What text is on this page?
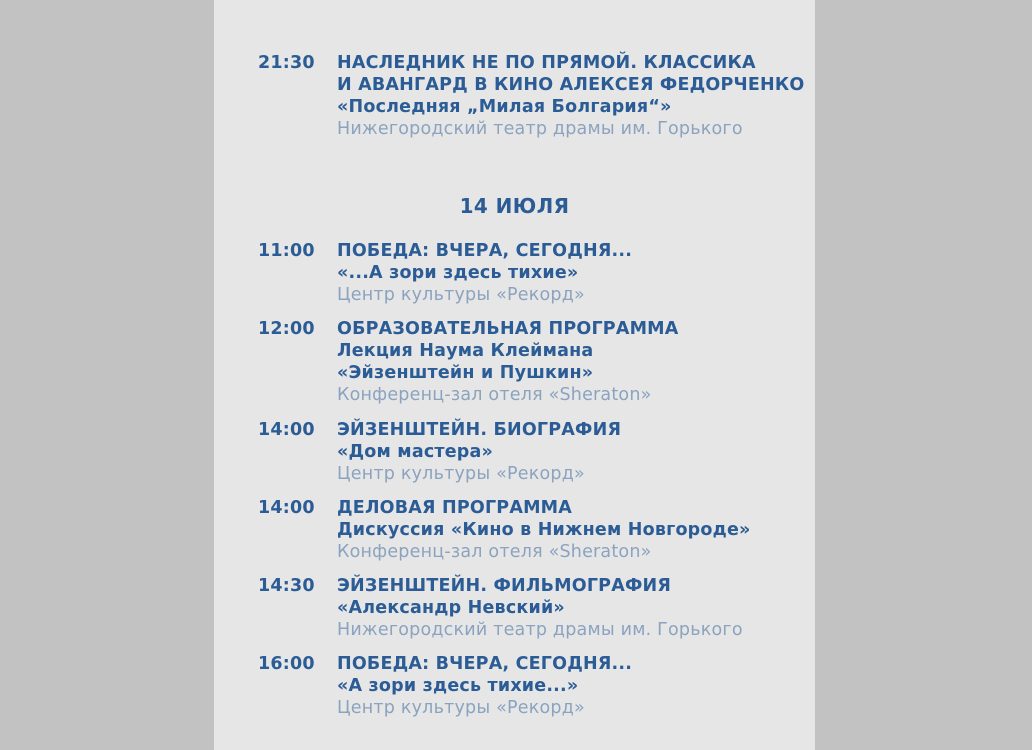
21:30 НАСЛЕДНИК НЕ ПО ПРЯМОЙ. КЛАССИКА
И АВАНГАРД В КИНО АЛЕКСЕЯ ФЕДОРЧЕНКО
«Последняя „Милая Болгария“»
Нижегородский театр драмы им. Горького
14 ИЮЛЯ
11:00 ПОБЕДА: ВЧЕРА, СЕГОДНЯ...
«...А зори здесь тихие»
Центр культуры «Рекорд»
12:00 ОБРАЗОВАТЕЛЬНАЯ ПРОГРАММА
Лекция Наума Клеймана
«Эйзенштейн и Пушкин»
Конференц-зал отеля «Sheraton»
14:00 ЭЙЗЕНШТЕЙН. БИОГРАФИЯ
«Дом мастера»
Центр культуры «Рекорд»
14:00 ДЕЛОВАЯ ПРОГРАММА
Дискуссия «Кино в Нижнем Новгороде»
Конференц-зал отеля «Sheraton»
14:30 ЭЙЗЕНШТЕЙН. ФИЛЬМОГРАФИЯ
«Александр Невский»
Нижегородский театр драмы им. Горького
16:00 ПОБЕДА: ВЧЕРА, СЕГОДНЯ...
«А зори здесь тихие...»
Центр культуры «Рекорд»
